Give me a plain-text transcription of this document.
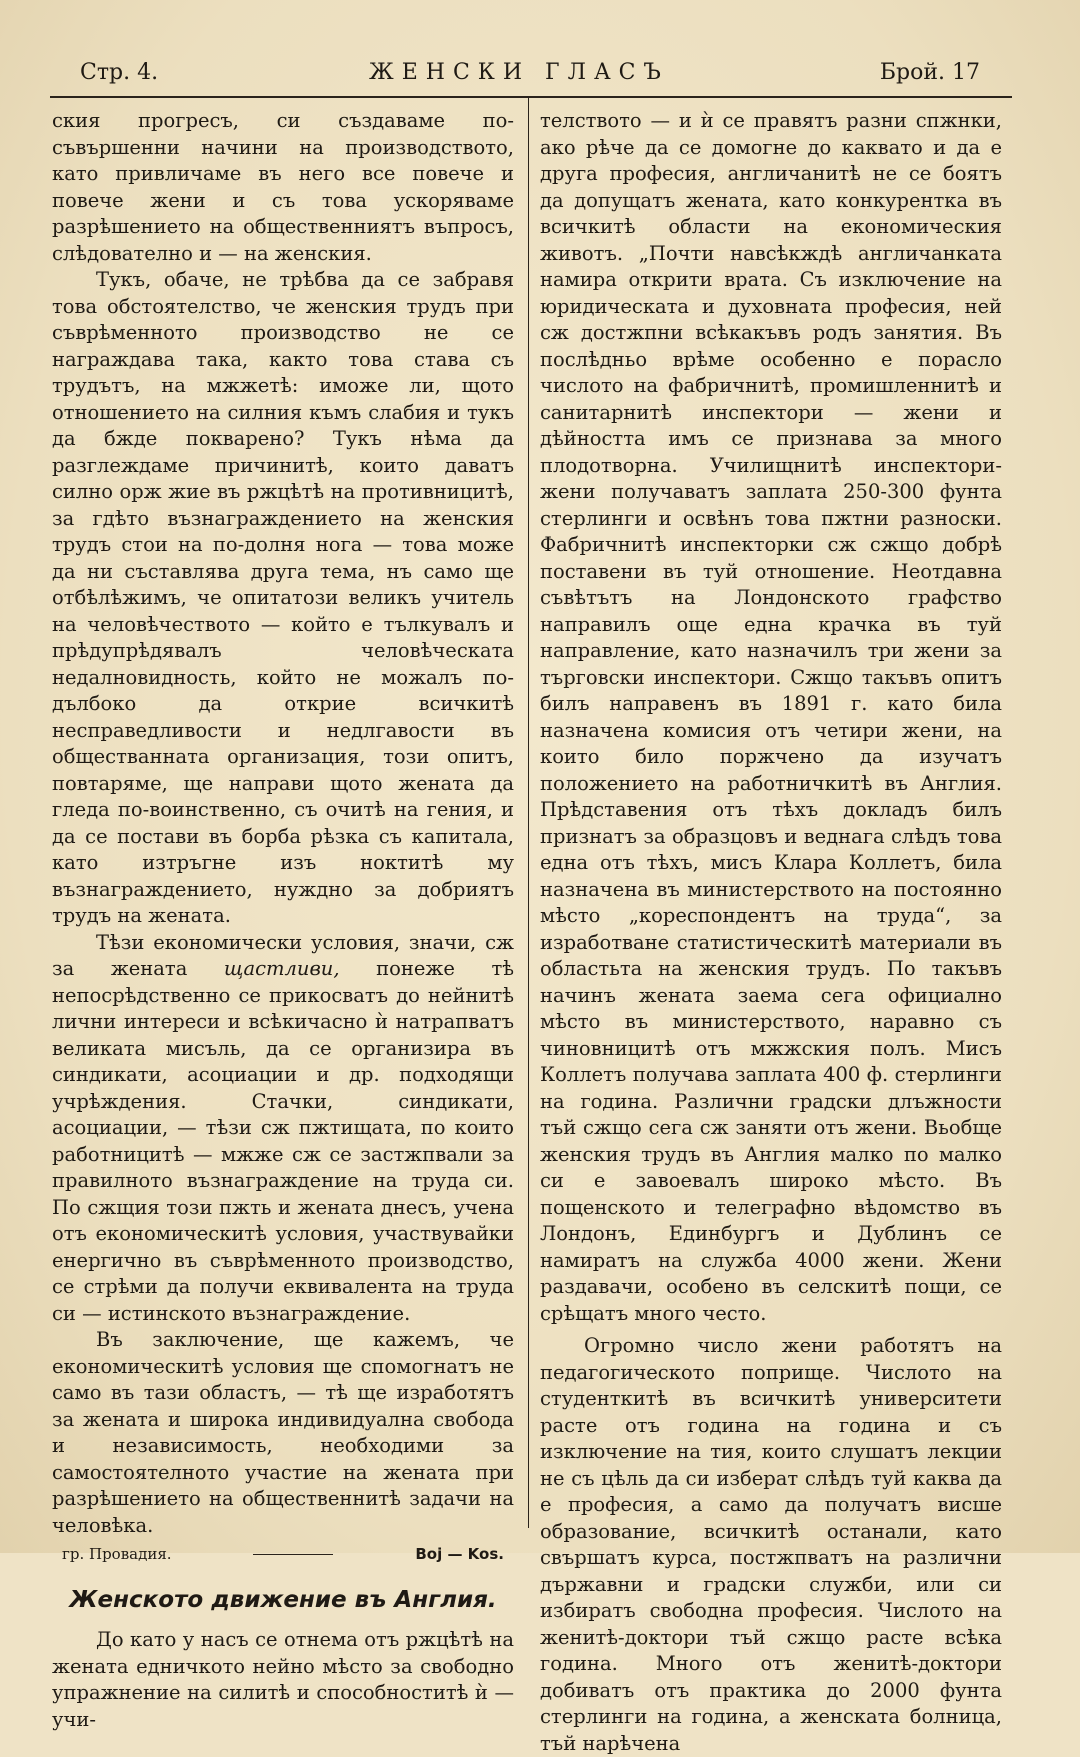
Стр. 4.	ЖЕНСКИ ГЛАСЪ	Брой. 17

ския прогресъ, си създаваме по-съвършенни начини на производството, като привличаме въ него все повече и повече жени и съ това ускоряваме разрѣшението на общественниятъ въпросъ, слѣдователно и — на женския.

Тукъ, обаче, не трѣбва да се забравя това обстоятелство, че женския трудъ при съврѣменното производство не се награждава така, както това става съ трудътъ, на мжжетѣ: иможе ли, щото отношението на силния къмъ слабия и тукъ да бжде покварено? Тукъ нѣма да разглеждаме причинитѣ, които даватъ силно орж жие въ ржцѣтѣ на противницитѣ, за гдѣто възнаграждението на женския трудъ стои на по-долня нога — това може да ни съставлява друга тема, нъ само ще отбѣлѣжимъ, че опитатози великъ учитель на человѣчеството — който е тълкувалъ и прѣдупрѣдявалъ человѣческата недалновидность, който не можалъ по-дълбоко да открие всичкитѣ несправедливости и недлгавости въ обществанната организация, този опитъ, повтаряме, ще направи щото жената да гледа по-воинственно, съ очитѣ на гения, и да се постави въ борба рѣзка съ капитала, като изтръгне изъ ноктитѣ му възнаграждението, нуждно за добриятъ трудъ на жената.

Тѣзи економически условия, значи, сж за жената щастливи, понеже тѣ непосрѣдственно се прикосватъ до нейнитѣ лични интереси и всѣкичасно ѝ натрапватъ великата мисъль, да се организира въ синдикати, асоциации и др. подходящи учрѣждения. Стачки, синдикати, асоциации, — тѣзи сж пжтищата, по които работницитѣ — мжже сж се застжпвали за правилното възнаграждение на труда си. По сжщия този пжть и жената днесъ, учена отъ економическитѣ условия, участвувайки енергично въ съврѣменното производство, се стрѣми да получи еквивалента на труда си — истинското възнаграждение.

Въ заключение, ще кажемъ, че економическитѣ условия ще спомогнатъ не само въ тази областъ, — тѣ ще изработятъ за жената и широка индивидуална свобода и независимость, необходими за самостоятелното участие на жената при разрѣшението на общественнитѣ задачи на человѣка.

гр. Провадия.	Boj — Kos.
Женското движение въ Англия.

До като у насъ се отнема отъ ржцѣтѣ на жената едничкото нейно мѣсто за свободно упражнение на силитѣ и способноститѣ ѝ — учи-

телството — и ѝ се правятъ разни спжнки, ако рѣче да се домогне до каквато и да е друга професия, англичанитѣ не се боятъ да допущатъ жената, като конкурентка въ всичкитѣ области на економическия животъ. „Почти навсѣкждѣ англичанката намира открити врата. Съ изключение на юридическата и духовната професия, ней сж достжпни всѣкакъвъ родъ занятия. Въ послѣдньо врѣме особенно е порасло числото на фабричнитѣ, промишленнитѣ и санитарнитѣ инспектори — жени и дѣйността имъ се признава за много плодотворна. Училищнитѣ инспектори-жени получаватъ заплата 250-300 фунта стерлинги и освѣнъ това пжтни разноски. Фабричнитѣ инспекторки сж сжщо добрѣ поставени въ туй отношение. Неотдавна съвѣтътъ на Лондонското графство направилъ още една крачка въ туй направление, като назначилъ три жени за търговски инспектори. Сжщо такъвъ опитъ билъ направенъ въ 1891 г. като била назначена комисия отъ четири жени, на които било поржчено да изучатъ положението на работничкитѣ въ Англия. Прѣдставения отъ тѣхъ докладъ билъ признатъ за образцовъ и веднага слѣдъ това една отъ тѣхъ, мисъ Клара Коллетъ, била назначена въ министерството на постоянно мѣсто „кореспондентъ на труда“, за изработване статистическитѣ материали въ областьта на женския трудъ. По такъвъ начинъ жената заема сега официално мѣсто въ министерството, наравно съ чиновницитѣ отъ мжжския полъ. Мисъ Коллетъ получава заплата 400 ф. стерлинги на година. Различни градски длъжности тъй сжщо сега сж заняти отъ жени. Вьобще женския трудъ въ Англия малко по малко си е завоевалъ широко мѣсто. Въ пощенското и телеграфно вѣдомство въ Лондонъ, Единбургъ и Дублинъ се намиратъ на служба 4000 жени. Жени раздавачи, особено въ селскитѣ пощи, се срѣщатъ много често.

Огромно число жени работятъ на педагогическото поприще. Числото на студенткитѣ въ всичкитѣ университети расте отъ година на година и съ изключение на тия, които слушатъ лекции не съ цѣль да си изберат слѣдъ туй каква да е професия, а само да получатъ висше образование, всичкитѣ останали, като свършатъ курса, постжпватъ на различни държавни и градски служби, или си избиратъ свободна професия. Числото на женитѣ-доктори тъй сжщо расте всѣка година. Много отъ женитѣ-доктори добиватъ отъ практика до 2000 фунта стерлинги на година, а женската болница, тъй нарѣчена
